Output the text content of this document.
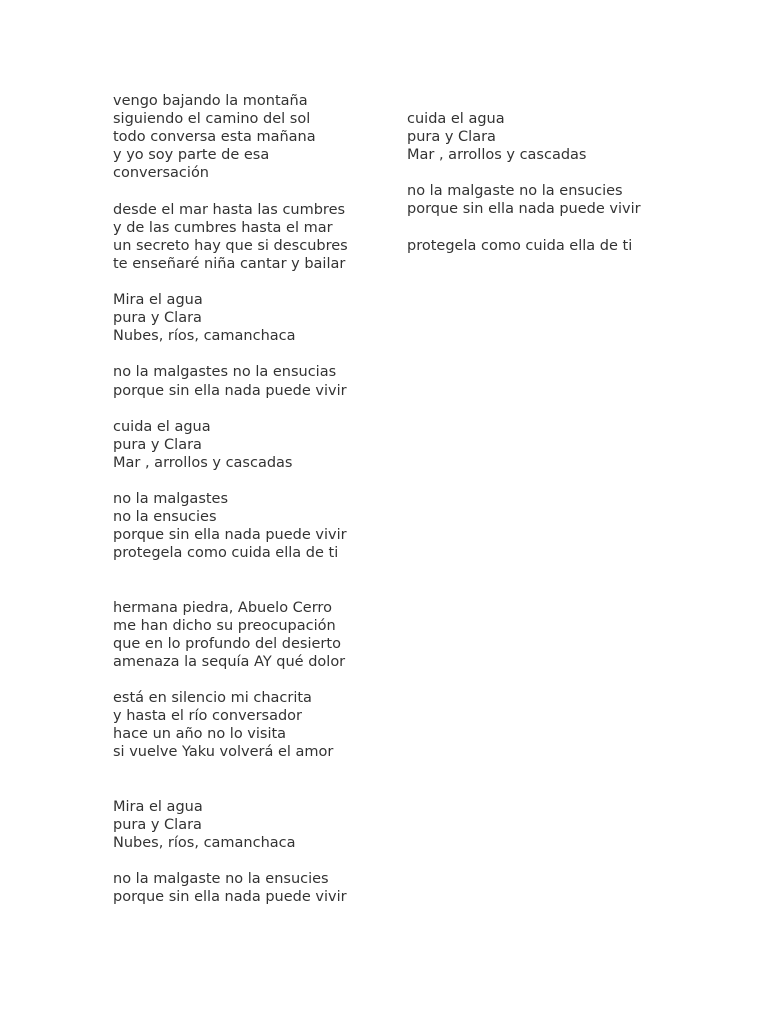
vengo bajando la montaña
siguiendo el camino del sol
todo conversa esta mañana
y yo soy parte de esa
conversación
desde el mar hasta las cumbres
y de las cumbres hasta el mar
un secreto hay que si descubres
te enseñaré niña cantar y bailar
Mira el agua
pura y Clara
Nubes, ríos, camanchaca
no la malgastes no la ensucias
porque sin ella nada puede vivir
cuida el agua
pura y Clara
Mar , arrollos y cascadas
no la malgastes
no la ensucies
porque sin ella nada puede vivir
protegela como cuida ella de ti
hermana piedra, Abuelo Cerro
me han dicho su preocupación
que en lo profundo del desierto
amenaza la sequía AY qué dolor
está en silencio mi chacrita
y hasta el río conversador
hace un año no lo visita
si vuelve Yaku volverá el amor
Mira el agua
pura y Clara
Nubes, ríos, camanchaca
no la malgaste no la ensucies
porque sin ella nada puede vivir
cuida el agua
pura y Clara
Mar , arrollos y cascadas
no la malgaste no la ensucies
porque sin ella nada puede vivir
protegela como cuida ella de ti
